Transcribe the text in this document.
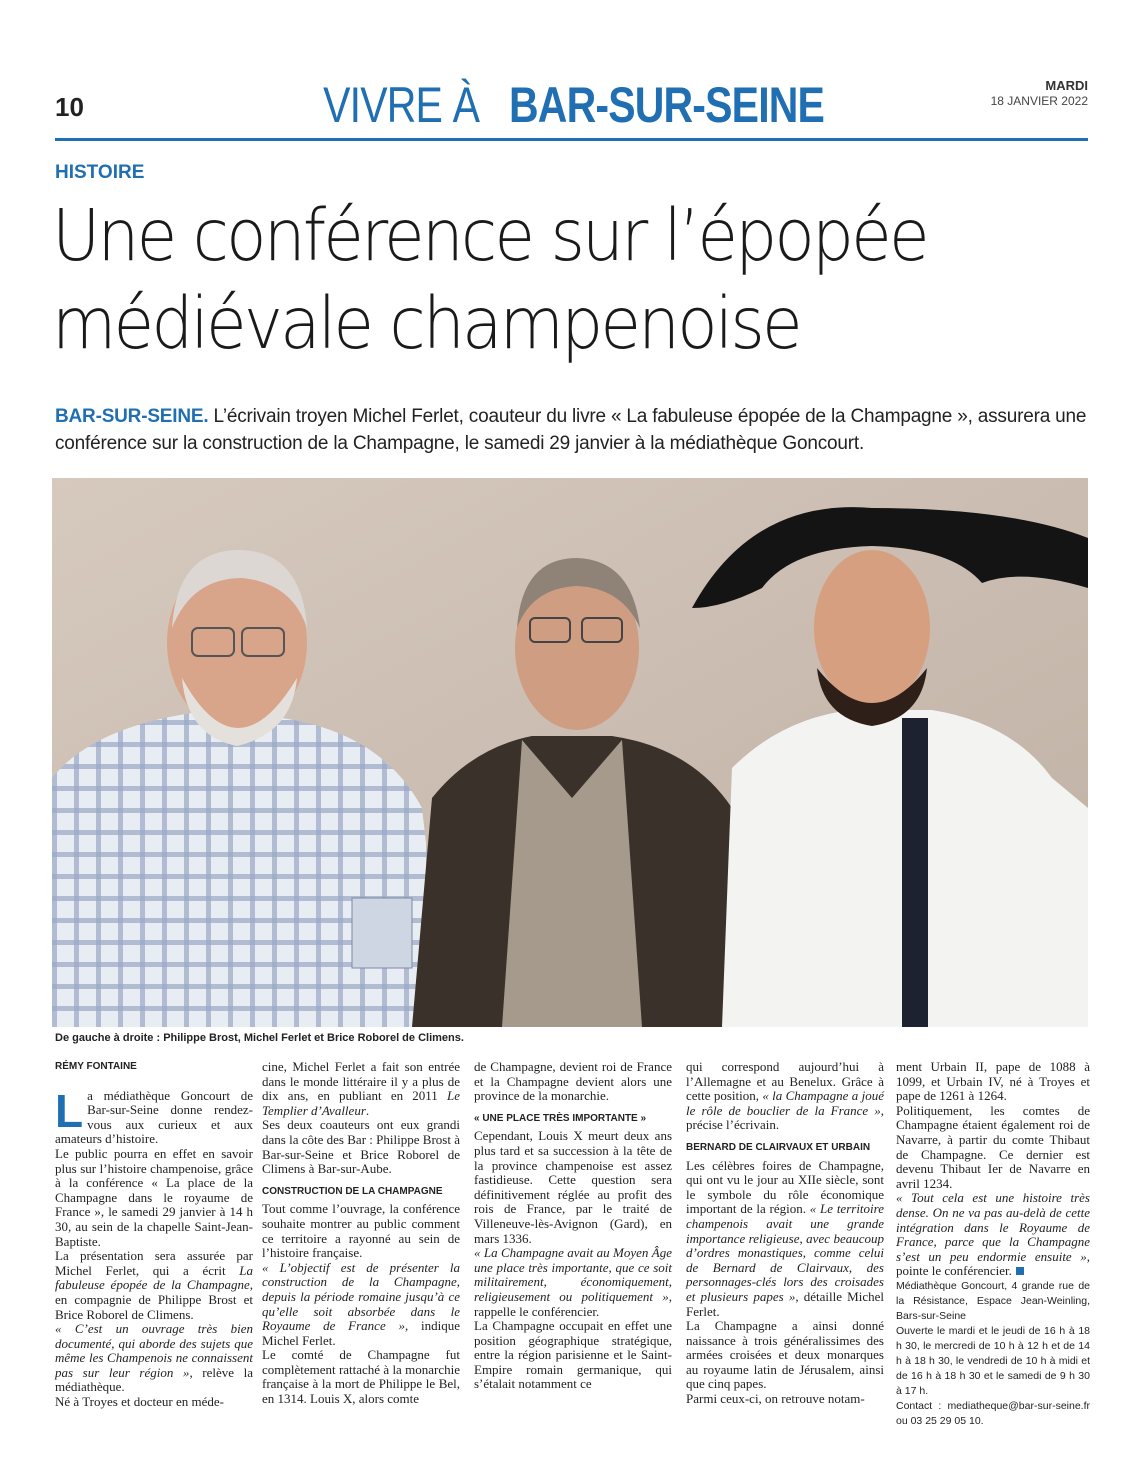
10	VIVRE À BAR-SUR-SEINE	MARDI
18 JANVIER 2022
HISTOIRE
Une conférence sur l’épopée
médiévale champenoise

BAR-SUR-SEINE. L’écrivain troyen Michel Ferlet, coauteur du livre « La fabuleuse épopée de la Champagne », assurera une conférence sur la construction de la Champagne, le samedi 29 janvier à la médiathèque Goncourt.

De gauche à droite : Philippe Brost, Michel Ferlet et Brice Roborel de Climens.
RÉMY FONTAINE

La médiathèque Goncourt de Bar-sur-Seine donne rendez-vous aux curieux et aux amateurs d’histoire.

Le public pourra en effet en savoir plus sur l’histoire champenoise, grâce à la conférence « La place de la Champagne dans le royaume de France », le samedi 29 janvier à 14 h 30, au sein de la chapelle Saint-Jean-Baptiste.

La présentation sera assurée par Michel Ferlet, qui a écrit La fabuleuse épopée de la Champagne, en compagnie de Philippe Brost et Brice Roborel de Climens.

« C’est un ouvrage très bien documenté, qui aborde des sujets que même les Champenois ne connaissent pas sur leur région », relève la médiathèque.

Né à Troyes et docteur en méde-

cine, Michel Ferlet a fait son entrée dans le monde littéraire il y a plus de dix ans, en publiant en 2011 Le Templier d’Avalleur.

Ses deux coauteurs ont eux grandi dans la côte des Bar : Philippe Brost à Bar-sur-Seine et Brice Roborel de Climens à Bar-sur-Aube.

CONSTRUCTION DE LA CHAMPAGNE

Tout comme l’ouvrage, la conférence souhaite montrer au public comment ce territoire a rayonné au sein de l’histoire française.

« L’objectif est de présenter la construction de la Champagne, depuis la période romaine jusqu’à ce qu’elle soit absorbée dans le Royaume de France », indique Michel Ferlet.

Le comté de Champagne fut complètement rattaché à la monarchie française à la mort de Philippe le Bel, en 1314. Louis X, alors comte

de Champagne, devient roi de France et la Champagne devient alors une province de la monarchie.

« UNE PLACE TRÈS IMPORTANTE »

Cependant, Louis X meurt deux ans plus tard et sa succession à la tête de la province champenoise est assez fastidieuse. Cette question sera définitivement réglée au profit des rois de France, par le traité de Villeneuve-lès-Avignon (Gard), en mars 1336.

« La Champagne avait au Moyen Âge une place très importante, que ce soit militairement, économiquement, religieusement ou politiquement », rappelle le conférencier.

La Champagne occupait en effet une position géographique stratégique, entre la région parisienne et le Saint-Empire romain germanique, qui s’étalait notamment ce

qui correspond aujourd’hui à l’Allemagne et au Benelux. Grâce à cette position, « la Champagne a joué le rôle de bouclier de la France », précise l’écrivain.

BERNARD DE CLAIRVAUX ET URBAIN

Les célèbres foires de Champagne, qui ont vu le jour au XIIe siècle, sont le symbole du rôle économique important de la région. « Le territoire champenois avait une grande importance religieuse, avec beaucoup d’ordres monastiques, comme celui de Bernard de Clairvaux, des personnages-clés lors des croisades et plusieurs papes », détaille Michel Ferlet.

La Champagne a ainsi donné naissance à trois généralissimes des armées croisées et deux monarques au royaume latin de Jérusalem, ainsi que cinq papes.

Parmi ceux-ci, on retrouve notam-

ment Urbain II, pape de 1088 à 1099, et Urbain IV, né à Troyes et pape de 1261 à 1264.

Politiquement, les comtes de Champagne étaient également roi de Navarre, à partir du comte Thibaut de Champagne. Ce dernier est devenu Thibaut Ier de Navarre en avril 1234.

« Tout cela est une histoire très dense. On ne va pas au-delà de cette intégration dans le Royaume de France, parce que la Champagne s’est un peu endormie ensuite », pointe le conférencier.

Médiathèque Goncourt, 4 grande rue de la Résistance, Espace Jean-Weinling, Bars-sur-Seine

Ouverte le mardi et le jeudi de 16 h à 18 h 30, le mercredi de 10 h à 12 h et de 14 h à 18 h 30, le vendredi de 10 h à midi et de 16 h à 18 h 30 et le samedi de 9 h 30 à 17 h.

Contact : mediatheque@bar-sur-seine.fr ou 03 25 29 05 10.
